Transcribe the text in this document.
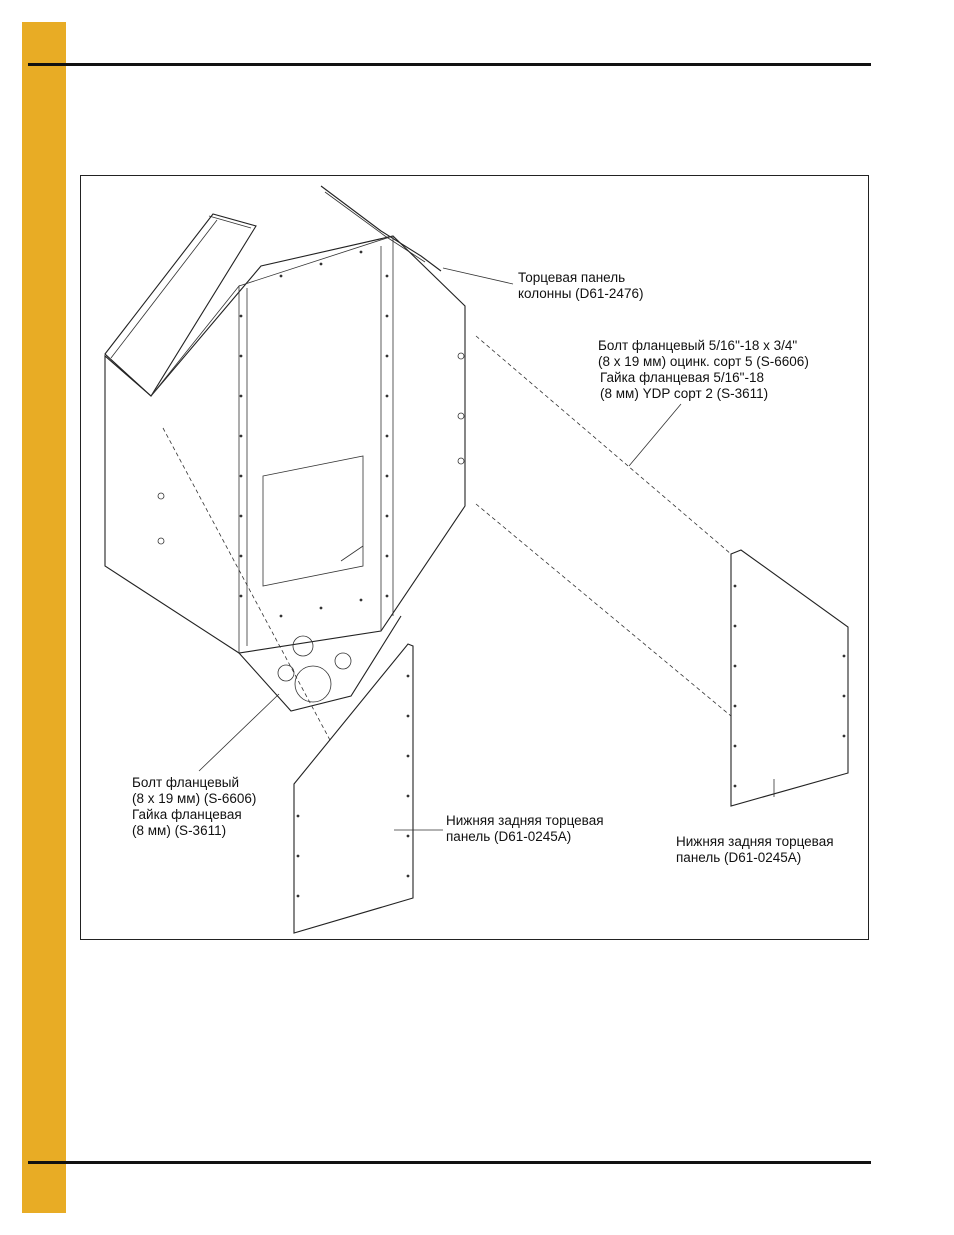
Торцевая панель
колонны (D61-2476)
Болт фланцевый 5/16"-18 x 3/4"
(8 x 19 мм) оцинк. сорт 5 (S-6606)
Гайка фланцевая 5/16"-18
(8 мм) YDP сорт 2 (S-3611)
Болт фланцевый
(8 x 19 мм) (S-6606)
Гайка фланцевая
(8 мм) (S-3611)
Нижняя задняя торцевая
панель (D61-0245A)	Нижняя задняя торцевая
панель (D61-0245A)
